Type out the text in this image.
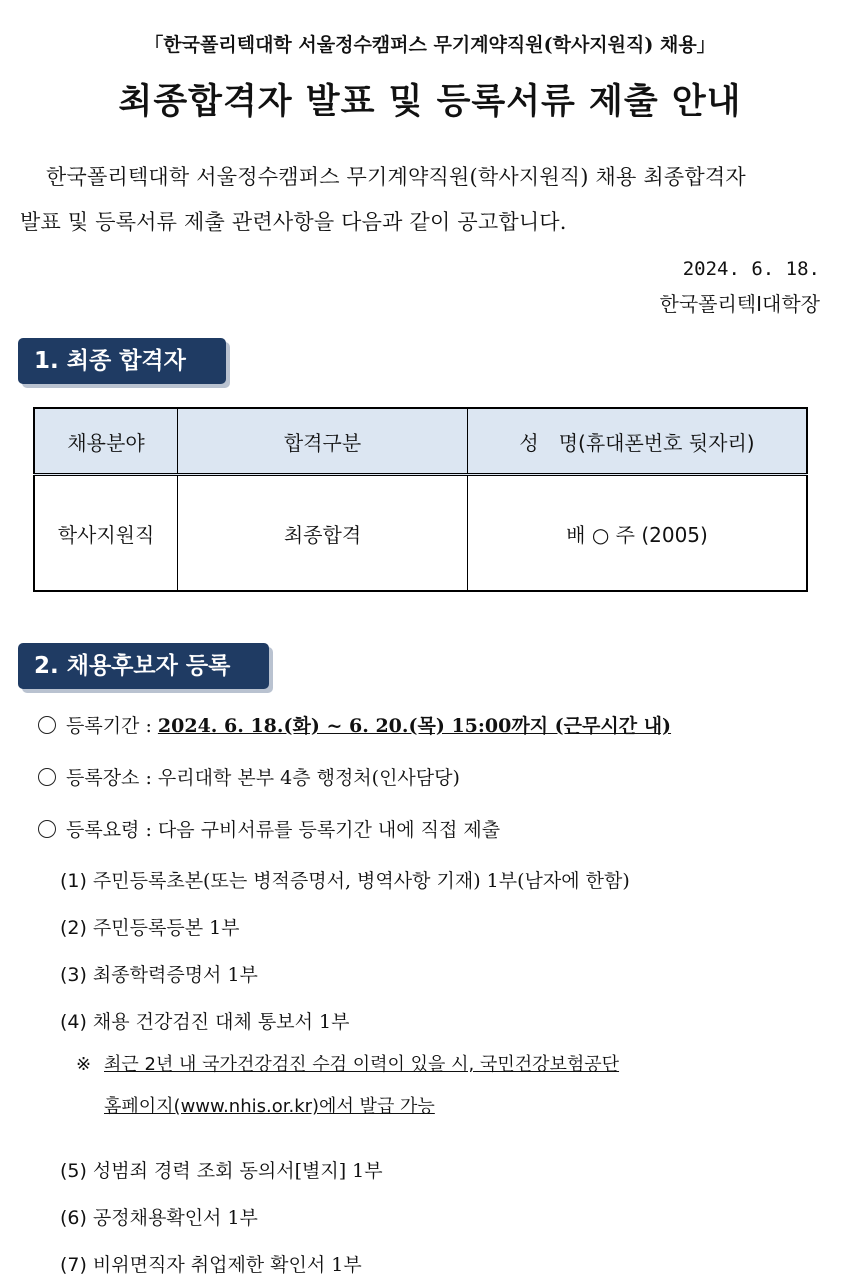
「한국폴리텍대학 서울정수캠퍼스 무기계약직원(학사지원직) 채용」
최종합격자 발표 및 등록서류 제출 안내
한국폴리텍대학 서울정수캠퍼스 무기계약직원(학사지원직) 채용 최종합격자
발표 및 등록서류 제출 관련사항을 다음과 같이 공고합니다.
2024. 6. 18.
한국폴리텍Ⅰ대학장
1. 최종 합격자
채용분야	합격구분	성　명(휴대폰번호 뒷자리)
학사지원직	최종합격	배 ○ 주 (2005)
2. 채용후보자 등록
등록기간 : 2024. 6. 18.(화) ~ 6. 20.(목) 15:00까지 (근무시간 내)
등록장소 : 우리대학 본부 4층 행정처(인사담당)
등록요령 : 다음 구비서류를 등록기간 내에 직접 제출
(1) 주민등록초본(또는 병적증명서, 병역사항 기재) 1부(남자에 한함)
(2) 주민등록등본 1부
(3) 최종학력증명서 1부
(4) 채용 건강검진 대체 통보서 1부
※ 최근 2년 내 국가건강검진 수검 이력이 있을 시, 국민건강보험공단
홈페이지(www.nhis.or.kr)에서 발급 가능
(5) 성범죄 경력 조회 동의서[별지] 1부
(6) 공정채용확인서 1부
(7) 비위면직자 취업제한 확인서 1부
